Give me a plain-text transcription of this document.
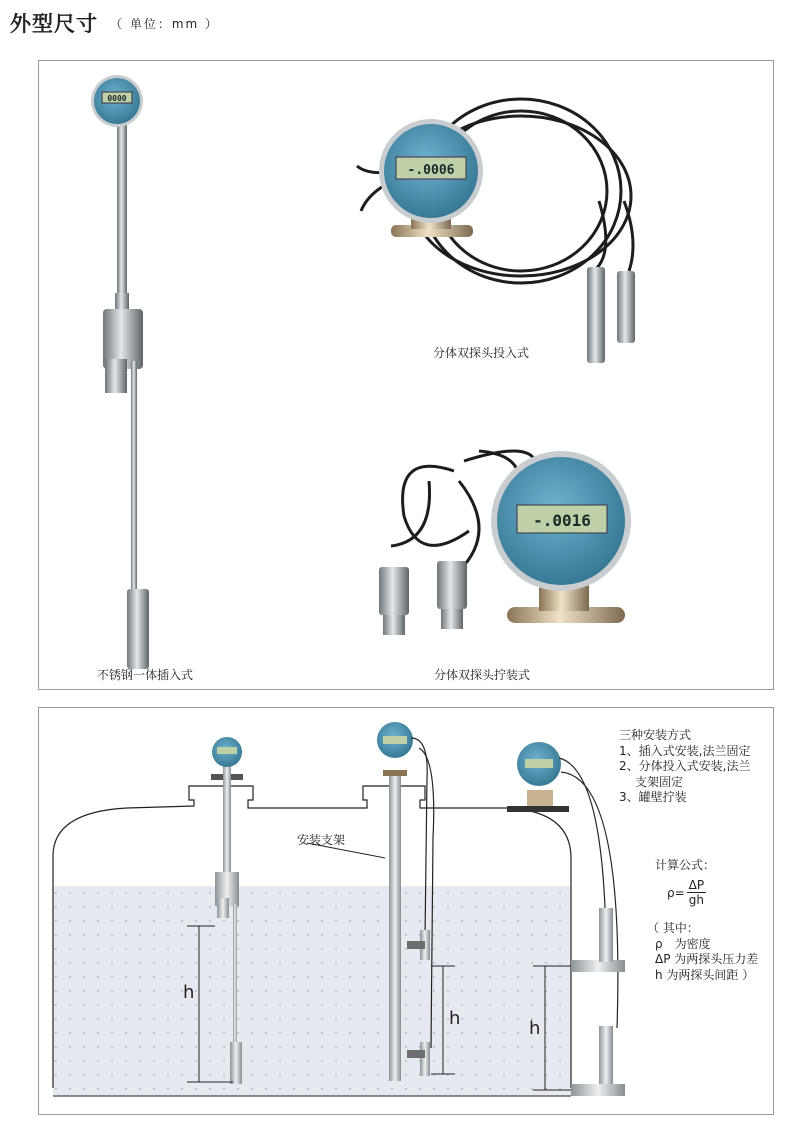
外型尺寸 （ 单位：mm ）
0000
-.0006
-.0016
不锈钢一体插入式
分体双探头投入式
分体双探头拧装式
h
h	h
安装支架
三种安装方式
1、插入式安装,法兰固定
2、分体投入式安装,法兰
支架固定
3、罐壁拧装
计算公式：
$\rho= \frac{\Delta P}{gh}$
（ 其中：
ρ　为密度
ΔP 为两探头压力差
h 为两探头间距 ）
